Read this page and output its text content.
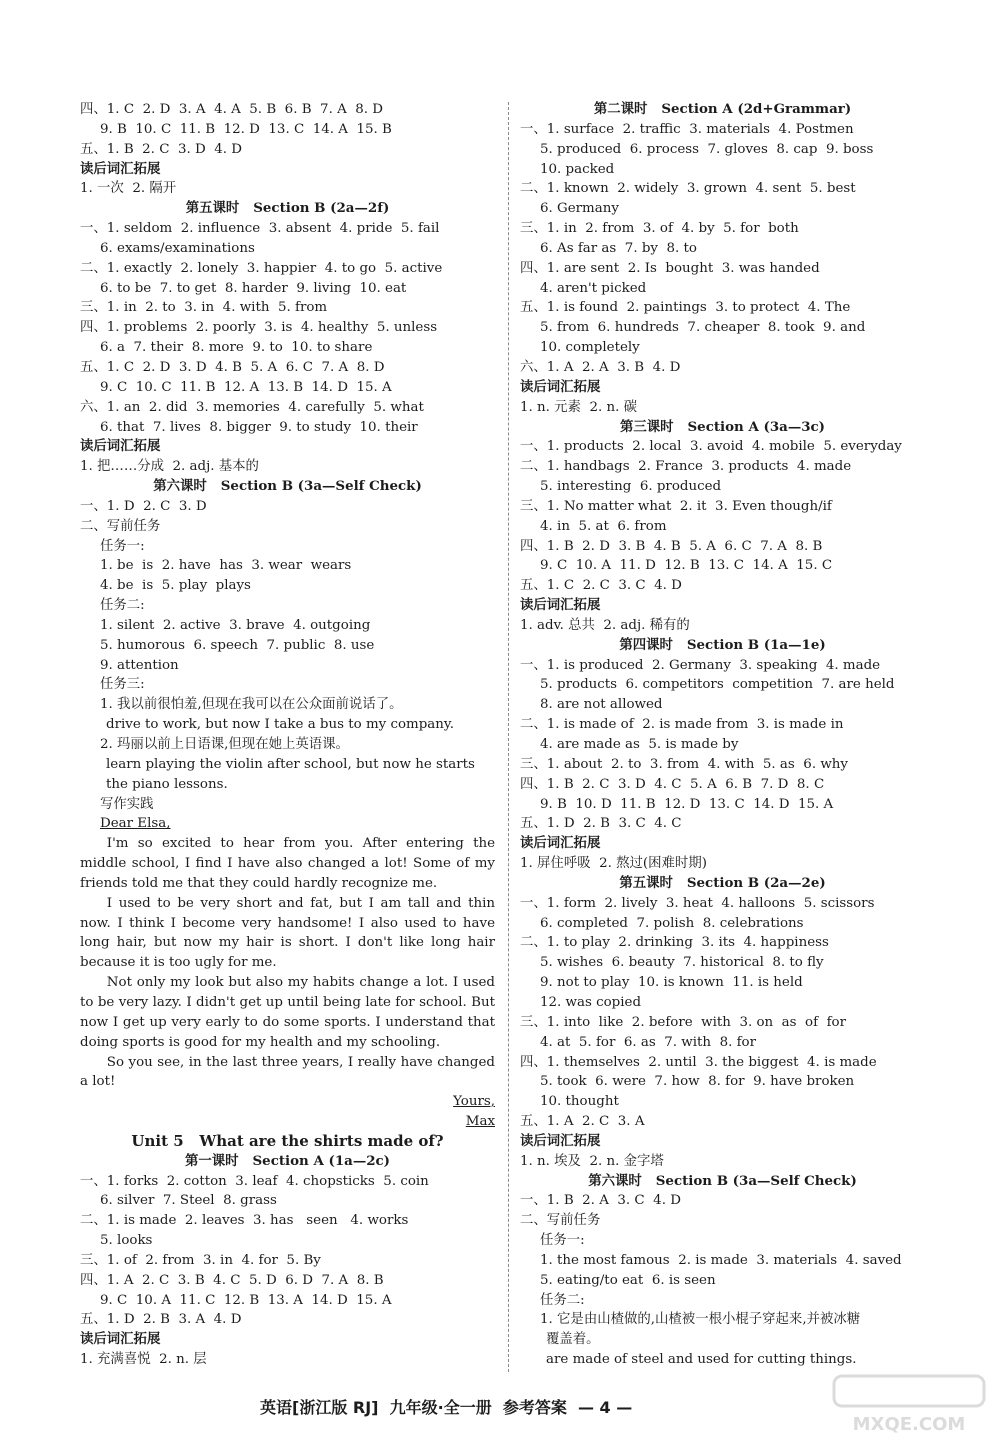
四、1. C  2. D  3. A  4. A  5. B  6. B  7. A  8. D
9. B  10. C  11. B  12. D  13. C  14. A  15. B
五、1. B  2. C  3. D  4. D
读后词汇拓展
1. 一次  2. 隔开
第五课时   Section B (2a—2f)
一、1. seldom  2. influence  3. absent  4. pride  5. fail
6. exams/examinations
二、1. exactly  2. lonely  3. happier  4. to go  5. active
6. to be  7. to get  8. harder  9. living  10. eat
三、1. in  2. to  3. in  4. with  5. from
四、1. problems  2. poorly  3. is  4. healthy  5. unless
6. a  7. their  8. more  9. to  10. to share
五、1. C  2. D  3. D  4. B  5. A  6. C  7. A  8. D
9. C  10. C  11. B  12. A  13. B  14. D  15. A
六、1. an  2. did  3. memories  4. carefully  5. what
6. that  7. lives  8. bigger  9. to study  10. their
读后词汇拓展
1. 把……分成  2. adj. 基本的
第六课时   Section B (3a—Self Check)
一、1. D  2. C  3. D
二、写前任务
任务一:
1. be  is  2. have  has  3. wear  wears
4. be  is  5. play  plays
任务二:
1. silent  2. active  3. brave  4. outgoing
5. humorous  6. speech  7. public  8. use
9. attention
任务三:
1. 我以前很怕羞,但现在我可以在公众面前说话了。
drive to work, but now I take a bus to my company.
2. 玛丽以前上日语课,但现在她上英语课。
learn playing the violin after school, but now he starts
the piano lessons.
写作实践
Dear Elsa,
I'm so excited to hear from you. After entering the middle school, I find I have also changed a lot! Some of my friends told me that they could hardly recognize me.
I used to be very short and fat, but I am tall and thin now. I think I become very handsome! I also used to have long hair, but now my hair is short. I don't like long hair because it is too ugly for me.
Not only my look but also my habits change a lot. I used to be very lazy. I didn't get up until being late for school. But now I get up very early to do some sports. I understand that doing sports is good for my health and my schooling.
So you see, in the last three years, I really have changed a lot!
Yours,
Max
Unit 5   What are the shirts made of?
第一课时   Section A (1a—2c)
一、1. forks  2. cotton  3. leaf  4. chopsticks  5. coin
6. silver  7. Steel  8. grass
二、1. is made  2. leaves  3. has   seen   4. works
5. looks
三、1. of  2. from  3. in  4. for  5. By
四、1. A  2. C  3. B  4. C  5. D  6. D  7. A  8. B
9. C  10. A  11. C  12. B  13. A  14. D  15. A
五、1. D  2. B  3. A  4. D
读后词汇拓展
1. 充满喜悦  2. n. 层
第二课时   Section A (2d+Grammar)
一、1. surface  2. traffic  3. materials  4. Postmen
5. produced  6. process  7. gloves  8. cap  9. boss
10. packed
二、1. known  2. widely  3. grown  4. sent  5. best
6. Germany
三、1. in  2. from  3. of  4. by  5. for  both
6. As far as  7. by  8. to
四、1. are sent  2. Is  bought  3. was handed
4. aren't picked
五、1. is found  2. paintings  3. to protect  4. The
5. from  6. hundreds  7. cheaper  8. took  9. and
10. completely
六、1. A  2. A  3. B  4. D
读后词汇拓展
1. n. 元素  2. n. 碳
第三课时   Section A (3a—3c)
一、1. products  2. local  3. avoid  4. mobile  5. everyday
二、1. handbags  2. France  3. products  4. made
5. interesting  6. produced
三、1. No matter what  2. it  3. Even though/if
4. in  5. at  6. from
四、1. B  2. D  3. B  4. B  5. A  6. C  7. A  8. B
9. C  10. A  11. D  12. B  13. C  14. A  15. C
五、1. C  2. C  3. C  4. D
读后词汇拓展
1. adv. 总共  2. adj. 稀有的
第四课时   Section B (1a—1e)
一、1. is produced  2. Germany  3. speaking  4. made
5. products  6. competitors  competition  7. are held
8. are not allowed
二、1. is made of  2. is made from  3. is made in
4. are made as  5. is made by
三、1. about  2. to  3. from  4. with  5. as  6. why
四、1. B  2. C  3. D  4. C  5. A  6. B  7. D  8. C
9. B  10. D  11. B  12. D  13. C  14. D  15. A
五、1. D  2. B  3. C  4. C
读后词汇拓展
1. 屏住呼吸  2. 熬过(困难时期)
第五课时   Section B (2a—2e)
一、1. form  2. lively  3. heat  4. halloons  5. scissors
6. completed  7. polish  8. celebrations
二、1. to play  2. drinking  3. its  4. happiness
5. wishes  6. beauty  7. historical  8. to fly
9. not to play  10. is known  11. is held
12. was copied
三、1. into  like  2. before  with  3. on  as  of  for
4. at  5. for  6. as  7. with  8. for
四、1. themselves  2. until  3. the biggest  4. is made
5. took  6. were  7. how  8. for  9. have broken
10. thought
五、1. A  2. C  3. A
读后词汇拓展
1. n. 埃及  2. n. 金字塔
第六课时   Section B (3a—Self Check)
一、1. B  2. A  3. C  4. D
二、写前任务
任务一:
1. the most famous  2. is made  3. materials  4. saved
5. eating/to eat  6. is seen
任务二:
1. 它是由山楂做的,山楂被一根小棍子穿起来,并被冰糖
覆盖着。
are made of steel and used for cutting things.
英语[浙江版 RJ]  九年级·全一册  参考答案  — 4 —
MXQE.COM
